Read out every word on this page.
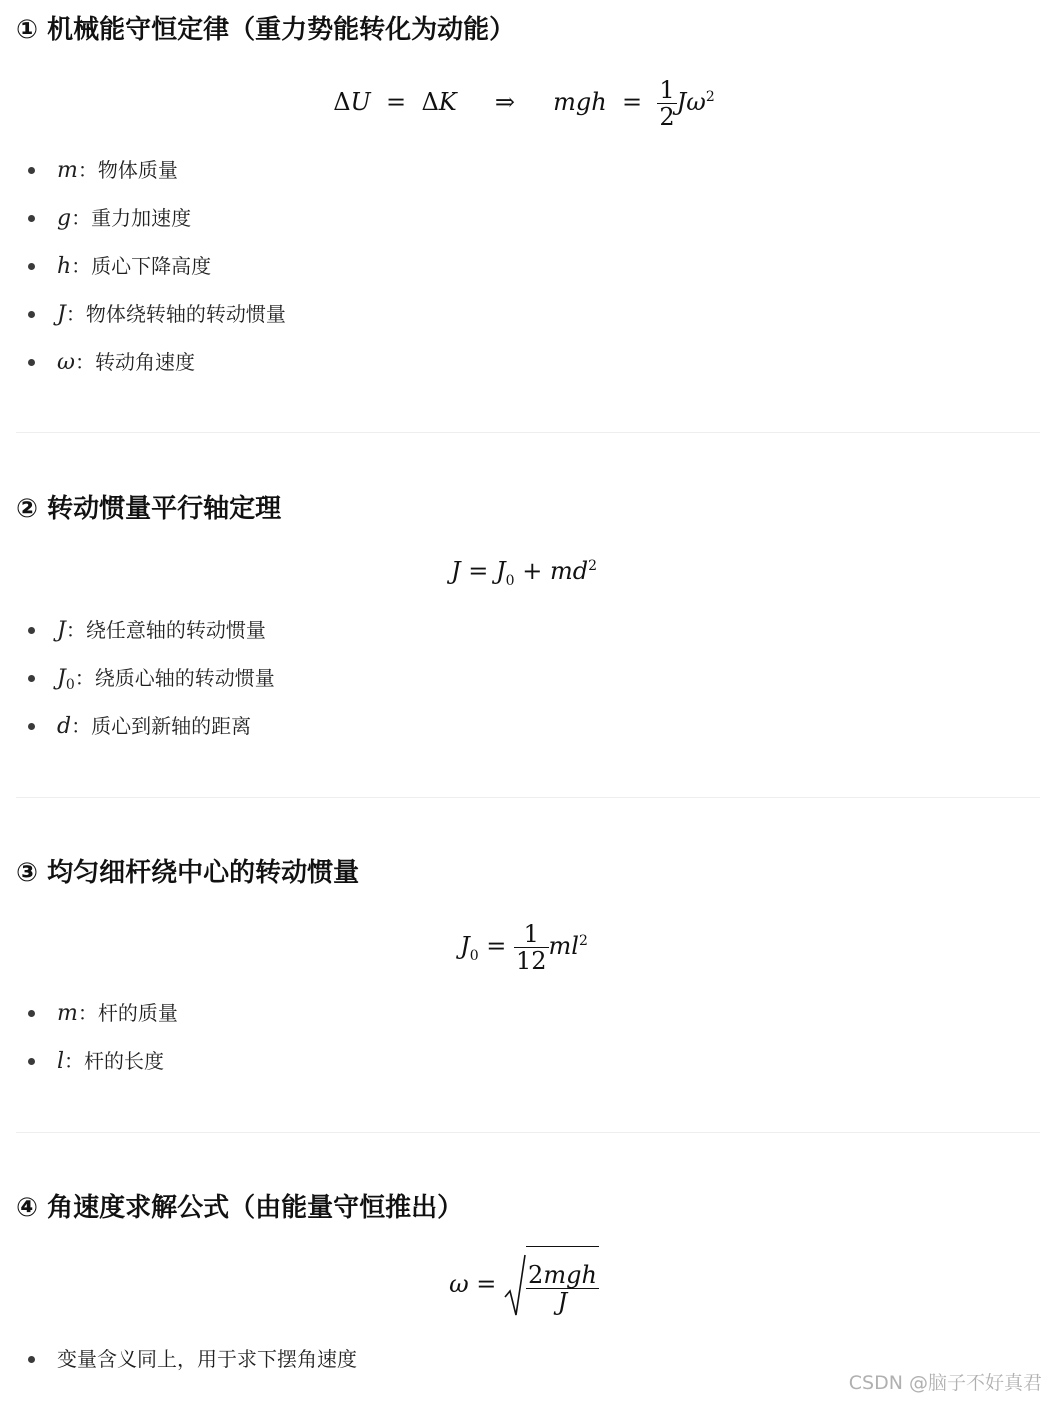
① 机械能守恒定律（重力势能转化为动能）
ΔU  =  ΔK     ⇒     mgh  = $\frac{1}{2} J\omega^2$
m：物体质量
g：重力加速度
h：质心下降高度
J：物体绕转轴的转动惯量
ω：转动角速度
② 转动惯量平行轴定理
$J = J_0 + md^2$
J：绕任意轴的转动惯量
$J_0$：绕质心轴的转动惯量
d：质心到新轴的距离
③ 均匀细杆绕中心的转动惯量
$J_0 = \frac{1}{12} ml^2$
m：杆的质量
l：杆的长度
④ 角速度求解公式（由能量守恒推出）
$\omega = \frac{\text{2mgh}}{J}$
变量含义同上，用于求下摆角速度
CSDN @脑子不好真君
